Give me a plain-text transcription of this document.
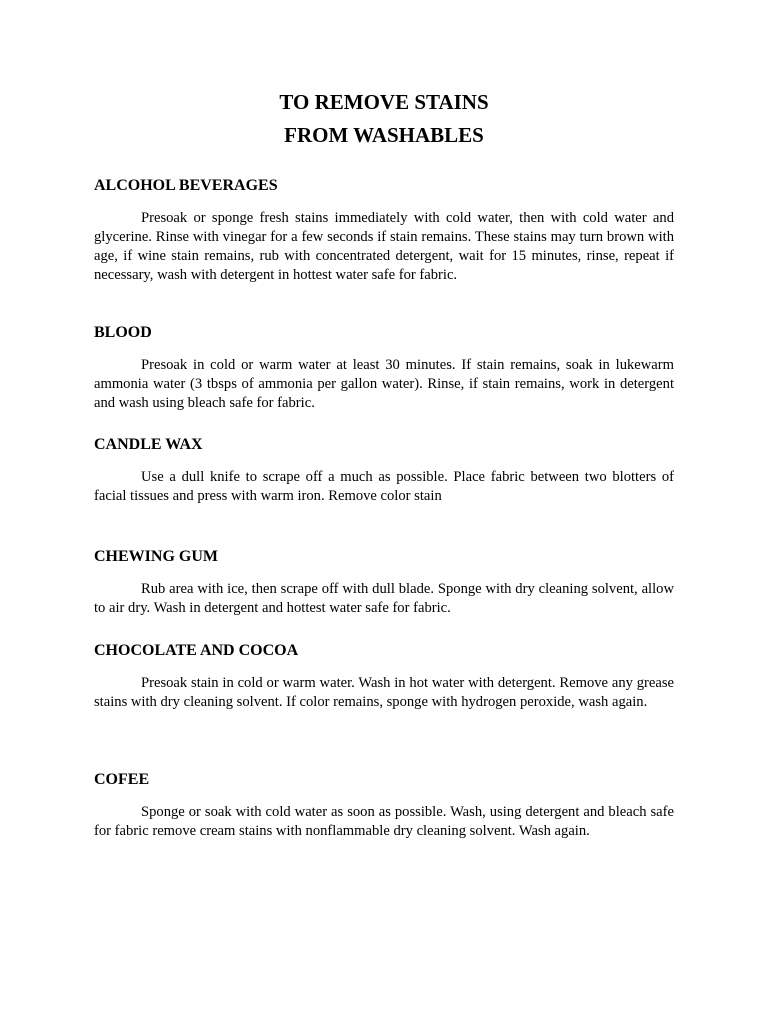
TO REMOVE STAINS
FROM WASHABLES
ALCOHOL BEVERAGES

Presoak or sponge fresh stains immediately with cold water, then with cold water and glycerine. Rinse with vinegar for a few seconds if stain remains. These stains may turn brown with age, if wine stain remains, rub with concentrated detergent, wait for 15 minutes, rinse, repeat if necessary, wash with detergent in hottest water safe for fabric.

BLOOD

Presoak in cold or warm water at least 30 minutes. If stain remains, soak in lukewarm ammonia water (3 tbsps of ammonia per gallon water). Rinse, if stain remains, work in detergent and wash using bleach safe for fabric.

CANDLE WAX

Use a dull knife to scrape off a much as possible. Place fabric between two blotters of facial tissues and press with warm iron. Remove color stain

CHEWING GUM

Rub area with ice, then scrape off with dull blade. Sponge with dry cleaning solvent, allow to air dry. Wash in detergent and hottest water safe for fabric.

CHOCOLATE AND COCOA

Presoak stain in cold or warm water. Wash in hot water with detergent. Remove any grease stains with dry cleaning solvent. If color remains, sponge with hydrogen peroxide, wash again.

COFEE

Sponge or soak with cold water as soon as possible. Wash, using detergent and bleach safe for fabric remove cream stains with nonflammable dry cleaning solvent. Wash again.
